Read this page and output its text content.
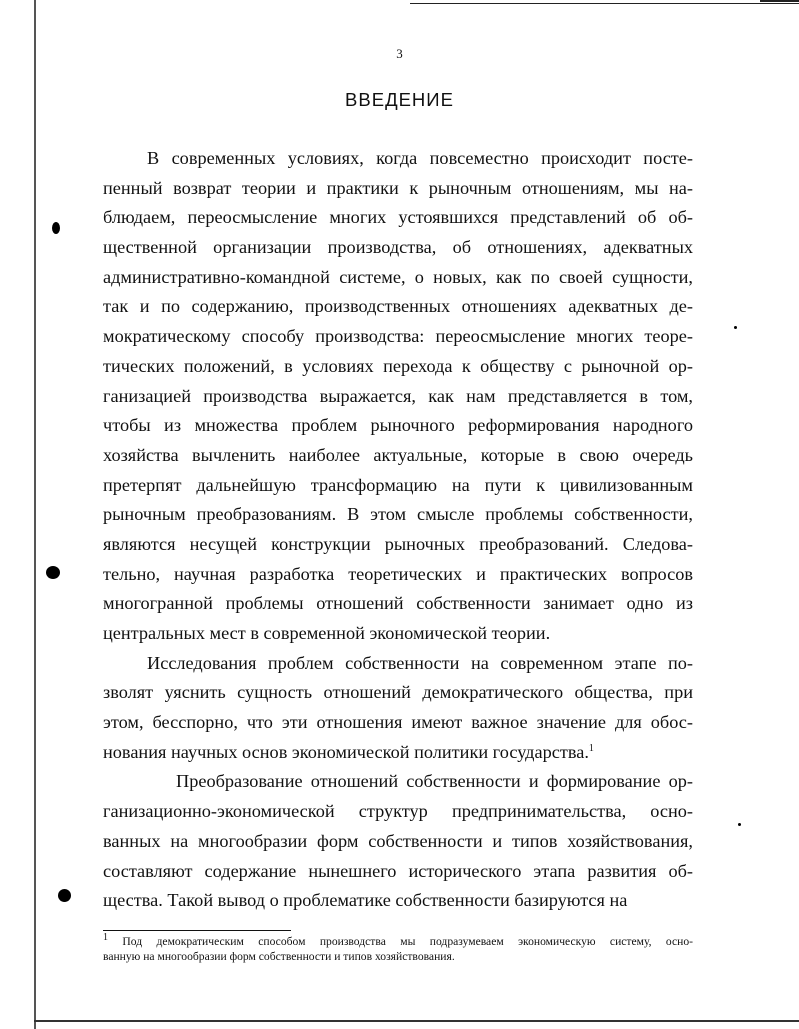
3
ВВЕДЕНИЕ
В современных условиях, когда повсеместно происходит посте-
пенный возврат теории и практики к рыночным отношениям, мы на-
блюдаем, переосмысление многих устоявшихся представлений об об-
щественной организации производства, об отношениях, адекватных
административно-командной системе, о новых, как по своей сущности,
так и по содержанию, производственных отношениях адекватных де-
мократическому способу производства: переосмысление многих теоре-
тических положений, в условиях перехода к обществу с рыночной ор-
ганизацией производства выражается, как нам представляется в том,
чтобы из множества проблем рыночного реформирования народного
хозяйства вычленить наиболее актуальные, которые в свою очередь
претерпят дальнейшую трансформацию на пути к цивилизованным
рыночным преобразованиям. В этом смысле проблемы собственности,
являются несущей конструкции рыночных преобразований. Следова-
тельно, научная разработка теоретических и практических вопросов
многогранной проблемы отношений собственности занимает одно из
центральных мест в современной экономической теории.
Исследования проблем собственности на современном этапе по-
зволят уяснить сущность отношений демократического общества, при
этом, бесспорно, что эти отношения имеют важное значение для обос-
нования научных основ экономической политики государства.$^1$
Преобразование отношений собственности и формирование ор-
ганизационно-экономической структур предпринимательства, осно-
ванных на многообразии форм собственности и типов хозяйствования,
составляют содержание нынешнего исторического этапа развития об-
щества. Такой вывод о проблематике собственности базируются на
$^1$ Под демократическим способом производства мы подразумеваем экономическую систему, осно-
ванную на многообразии форм собственности и типов хозяйствования.
